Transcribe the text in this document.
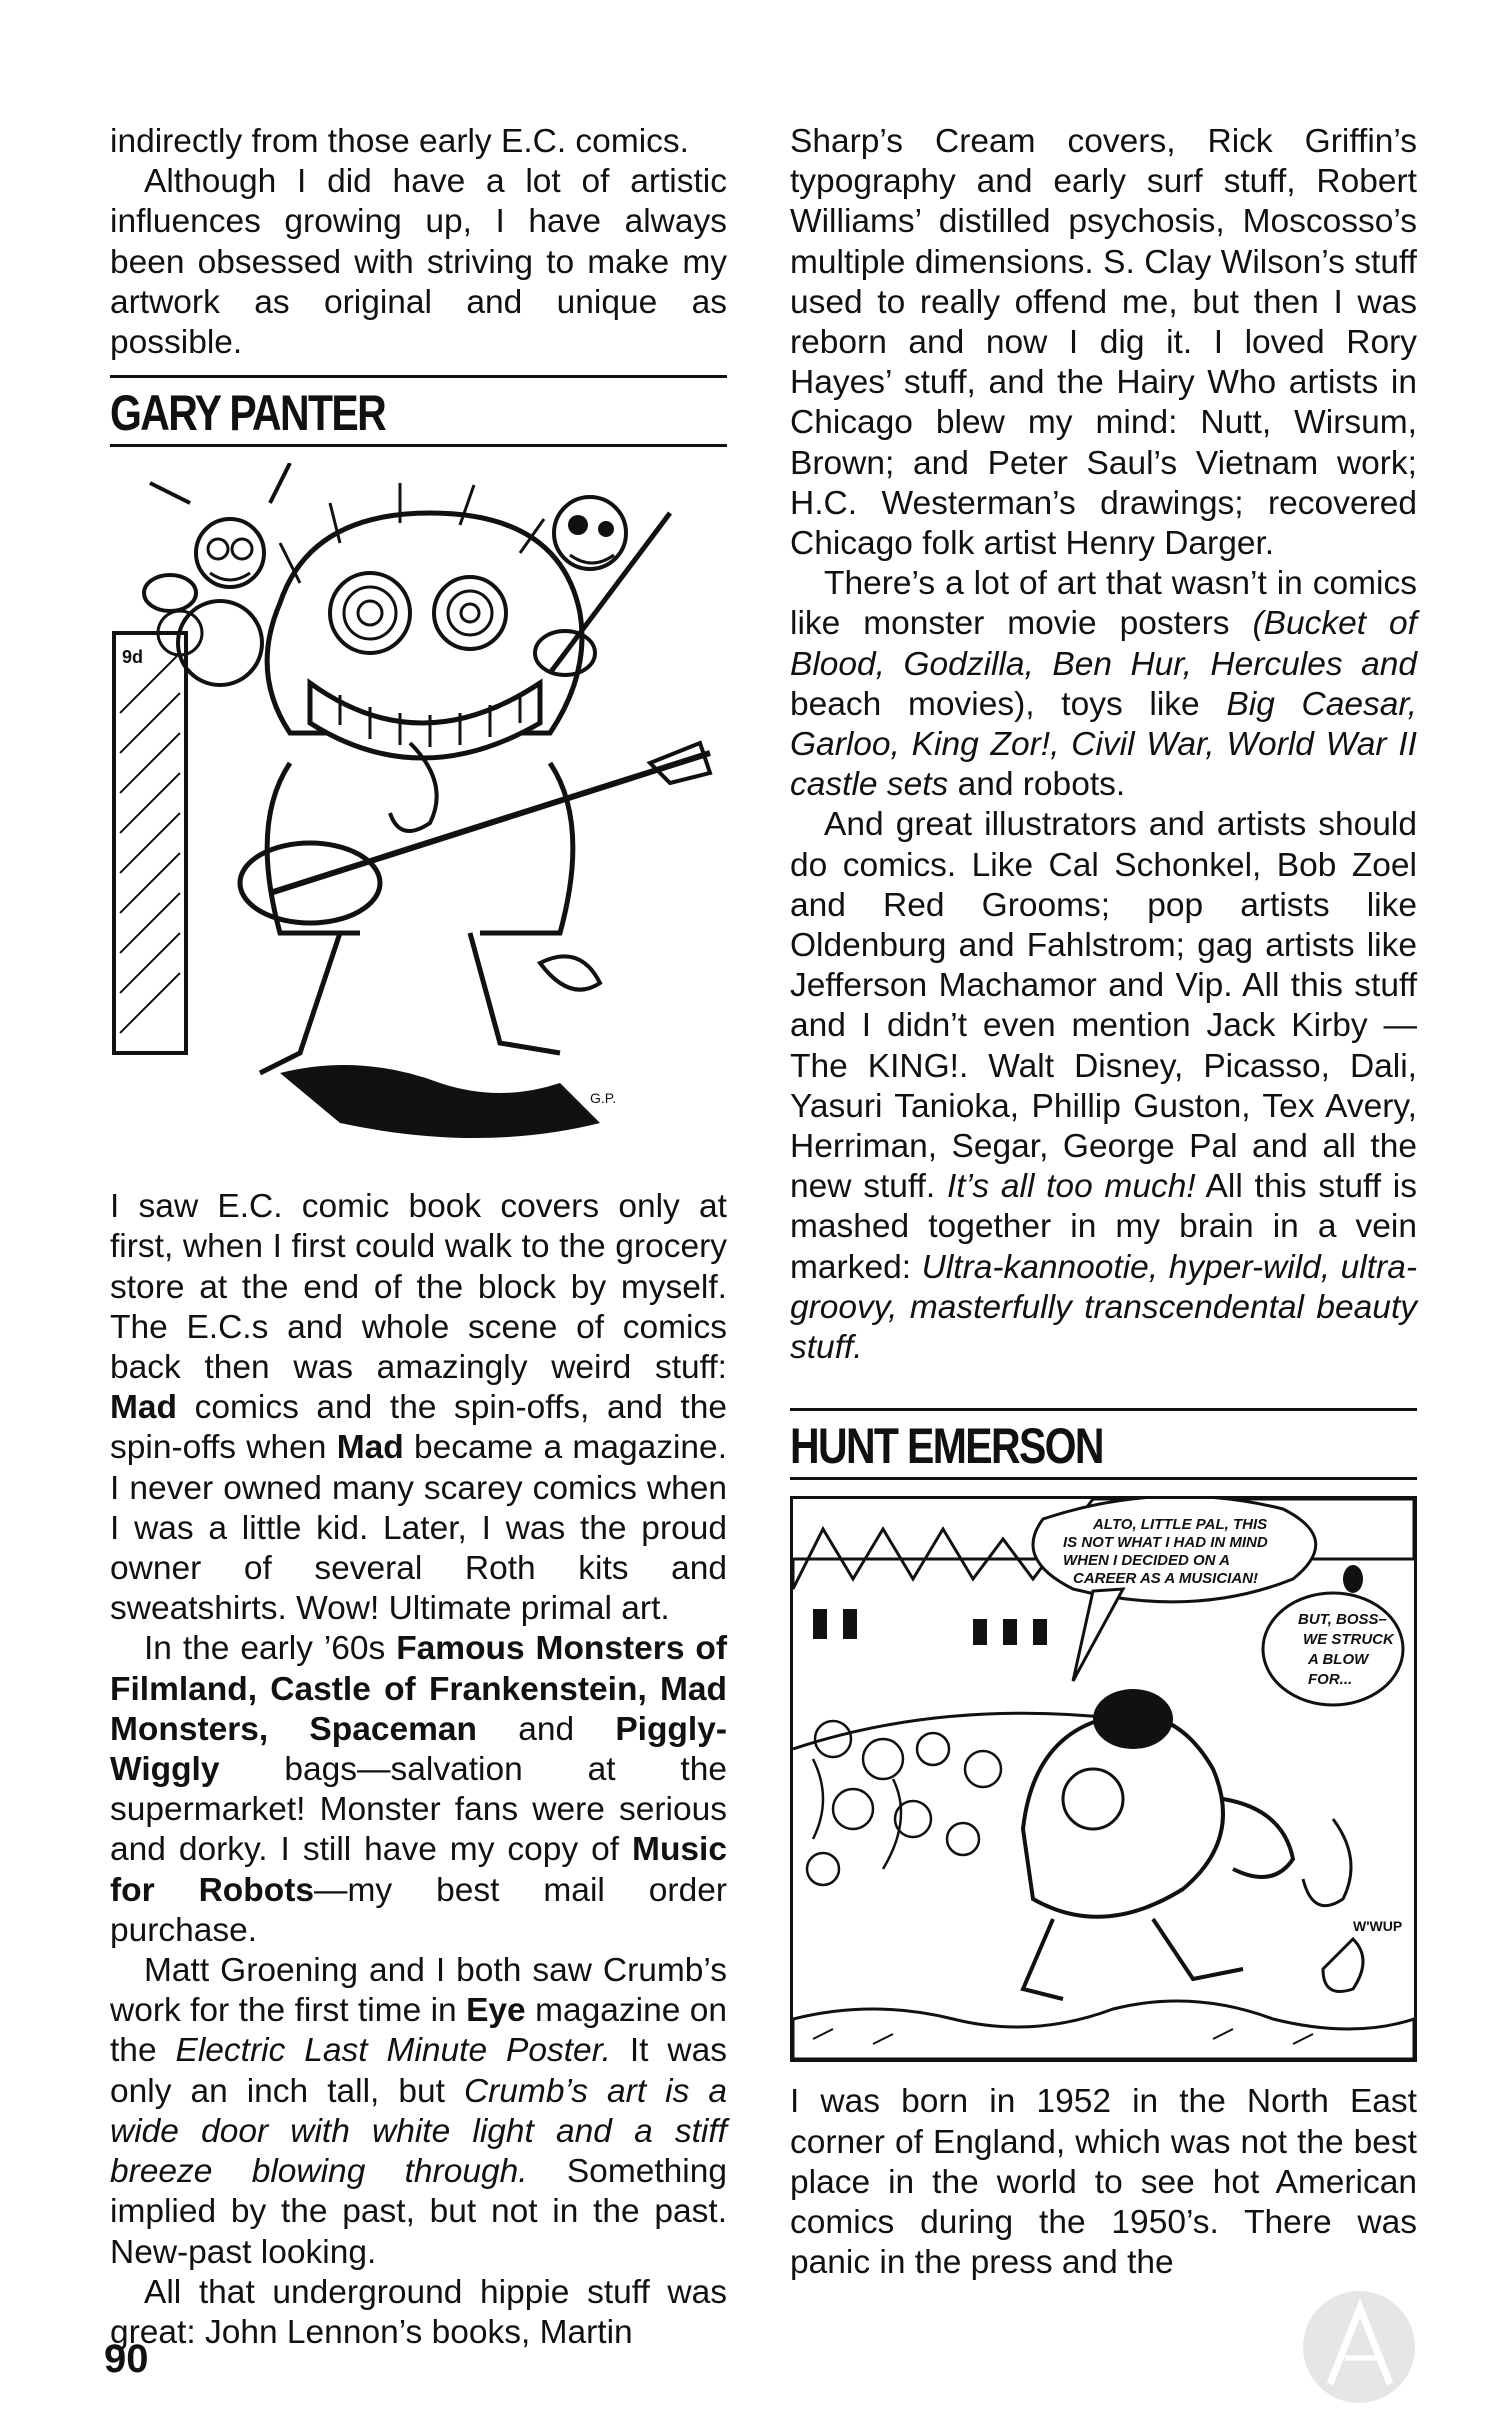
indirectly from those early E.C. comics.

Although I did have a lot of artistic influences growing up, I have always been obsessed with striving to make my artwork as original and unique as possible.

GARY PANTER
9d
G.P.

I saw E.C. comic book covers only at first, when I first could walk to the grocery store at the end of the block by myself. The E.C.s and whole scene of comics back then was amazingly weird stuff: Mad comics and the spin-offs, and the spin-offs when Mad became a magazine. I never owned many scarey comics when I was a little kid. Later, I was the proud owner of several Roth kits and sweatshirts. Wow! Ultimate primal art.

In the early ’60s Famous Monsters of Filmland, Castle of Frankenstein, Mad Monsters, Spaceman and Piggly-Wiggly bags—salvation at the supermarket! Monster fans were serious and dorky. I still have my copy of Music for Robots—my best mail order purchase.

Matt Groening and I both saw Crumb’s work for the first time in Eye magazine on the Electric Last Minute Poster. It was only an inch tall, but Crumb’s art is a wide door with white light and a stiff breeze blowing through. Something implied by the past, but not in the past. New-past looking.

All that underground hippie stuff was great: John Lennon’s books, Martin

Sharp’s Cream covers, Rick Griffin’s typography and early surf stuff, Robert Williams’ distilled psychosis, Moscosso’s multiple dimensions. S. Clay Wilson’s stuff used to really offend me, but then I was reborn and now I dig it. I loved Rory Hayes’ stuff, and the Hairy Who artists in Chicago blew my mind: Nutt, Wirsum, Brown; and Peter Saul’s Vietnam work; H.C. Westerman’s drawings; recovered Chicago folk artist Henry Darger.

There’s a lot of art that wasn’t in comics like monster movie posters (Bucket of Blood, Godzilla, Ben Hur, Hercules and beach movies), toys like Big Caesar, Garloo, King Zor!, Civil War, World War II castle sets and robots.

And great illustrators and artists should do comics. Like Cal Schonkel, Bob Zoel and Red Grooms; pop artists like Oldenburg and Fahlstrom; gag artists like Jefferson Machamor and Vip. All this stuff and I didn’t even mention Jack Kirby —The KING!. Walt Disney, Picasso, Dali, Yasuri Tanioka, Phillip Guston, Tex Avery, Herriman, Segar, George Pal and all the new stuff. It’s all too much! All this stuff is mashed together in my brain in a vein marked: Ultra-kannootie, hyper-wild, ultra-groovy, masterfully transcendental beauty stuff.

HUNT EMERSON
ALTO, LITTLE PAL, THIS
IS NOT WHAT I HAD IN MIND
WHEN I DECIDED ON A
CAREER AS A MUSICIAN!
BUT, BOSS–
WE STRUCK
A BLOW
FOR...
W'WUP

I was born in 1952 in the North East corner of England, which was not the best place in the world to see hot American comics during the 1950’s. There was panic in the press and the

90
